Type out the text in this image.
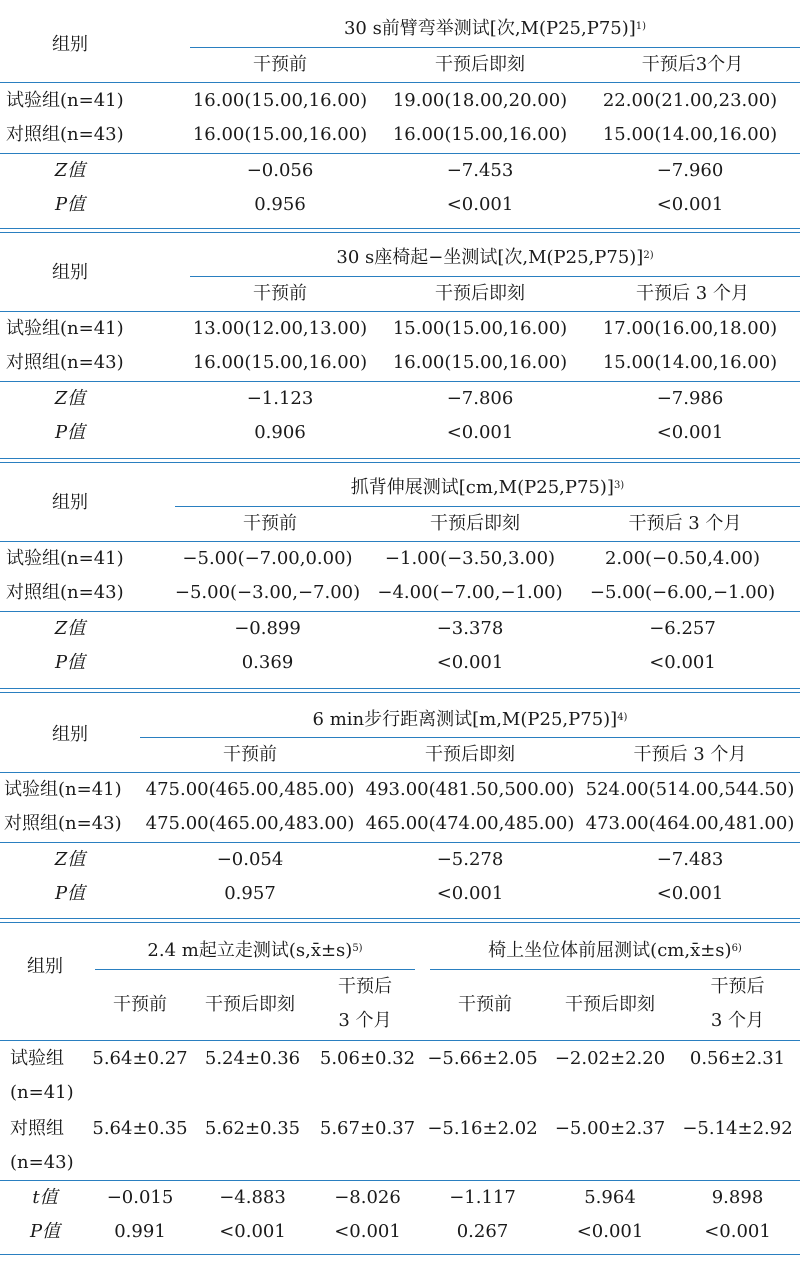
组别
30 s前臂弯举测试[次,M(P25,P75)]$^{1)}$
干预前	干预后即刻	干预后3个月
试验组(n=41)	16.00(15.00,16.00)	19.00(18.00,20.00)	22.00(21.00,23.00)
对照组(n=43)	16.00(15.00,16.00)	16.00(15.00,16.00)	15.00(14.00,16.00)
Z值	−0.056	−7.453	−7.960
P值	0.956	<0.001	<0.001
组别
30 s座椅起−坐测试[次,M(P25,P75)]$^{2)}$
干预前	干预后即刻	干预后 3 个月
试验组(n=41)	13.00(12.00,13.00)	15.00(15.00,16.00)	17.00(16.00,18.00)
对照组(n=43)	16.00(15.00,16.00)	16.00(15.00,16.00)	15.00(14.00,16.00)
Z值	−1.123	−7.806	−7.986
P值	0.906	<0.001	<0.001
组别
抓背伸展测试$[cm,M(P25,P75)]^{3)}$
干预前	干预后即刻	干预后 3 个月
试验组(n=41)	−5.00(−7.00,0.00)	−1.00(−3.50,3.00)	2.00(−0.50,4.00)
对照组(n=43)	−5.00(−3.00,−7.00) −4.00(−7.00,−1.00)	−5.00(−6.00,−1.00)
Z值	−0.899	−3.378	−6.257
P值	0.369	<0.001	<0.001
组别
6 min步行距离测试$[m,M(P25,P75)]^{4)}$
干预前	干预后即刻	干预后 3 个月
试验组(n=41)	475.00(465.00,485.00) 493.00(481.50,500.00) 524.00(514.00,544.50)
对照组(n=43)	475.00(465.00,483.00) 465.00(474.00,485.00) 473.00(464.00,481.00)
Z值	−0.054	−5.278	−7.483
P值	0.957	<0.001	<0.001
组别
2.4 m起立走测试(s,x̄±s)$^{5)}$	椅上坐位体前屈测试(cm,x̄±s)$^{6)}$
干预前	干预后即刻
干预后
3 个月
干预前	干预后即刻
干预后
3 个月
试验组
(n=41)
5.64±0.27 5.24±0.36	5.06±0.32 −5.66±2.05 −2.02±2.20	0.56±2.31
对照组
(n=43)
5.64±0.35 5.62±0.35	5.67±0.37 −5.16±2.02 −5.00±2.37 −5.14±2.92
t值	−0.015	−4.883	−8.026	−1.117	5.964	9.898
P值	0.991	<0.001	<0.001	0.267	<0.001	<0.001
